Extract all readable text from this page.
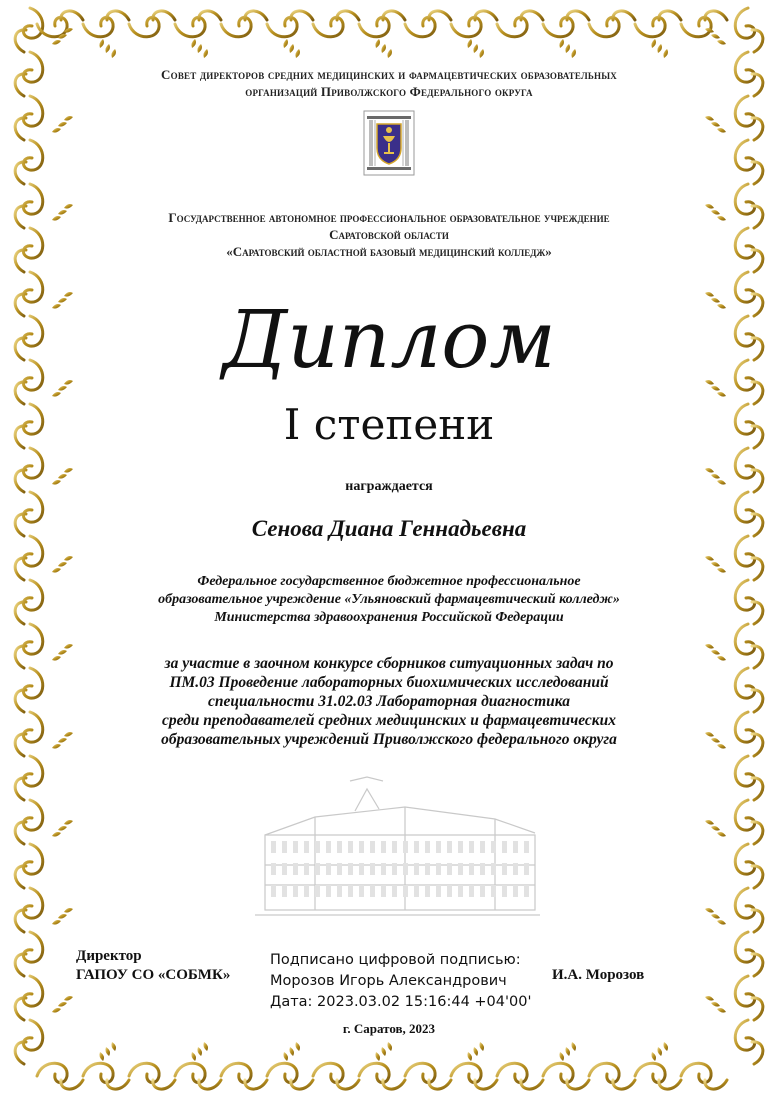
Совет директоров средних медицинских и фармацевтических образовательных
организаций Приволжского Федерального округа
Государственное автономное профессиональное образовательное учреждение
Саратовской области
«Саратовский областной базовый медицинский колледж»
Диплом
I степени
награждается
Сенова Диана Геннадьевна
Федеральное государственное бюджетное профессиональное
образовательное учреждение «Ульяновский фармацевтический колледж»
Министерства здравоохранения Российской Федерации
за участие в заочном конкурсе сборников ситуационных задач по
ПМ.03 Проведение лабораторных биохимических исследований
специальности 31.02.03 Лабораторная диагностика
среди преподавателей средних медицинских и фармацевтических
образовательных учреждений Приволжского федерального округа
Директор
ГАПОУ СО «СОБМК»
Подписано цифровой подписью:
Морозов Игорь Александрович
Дата: 2023.03.02 15:16:44 +04'00'
И.А. Морозов
г. Саратов, 2023
